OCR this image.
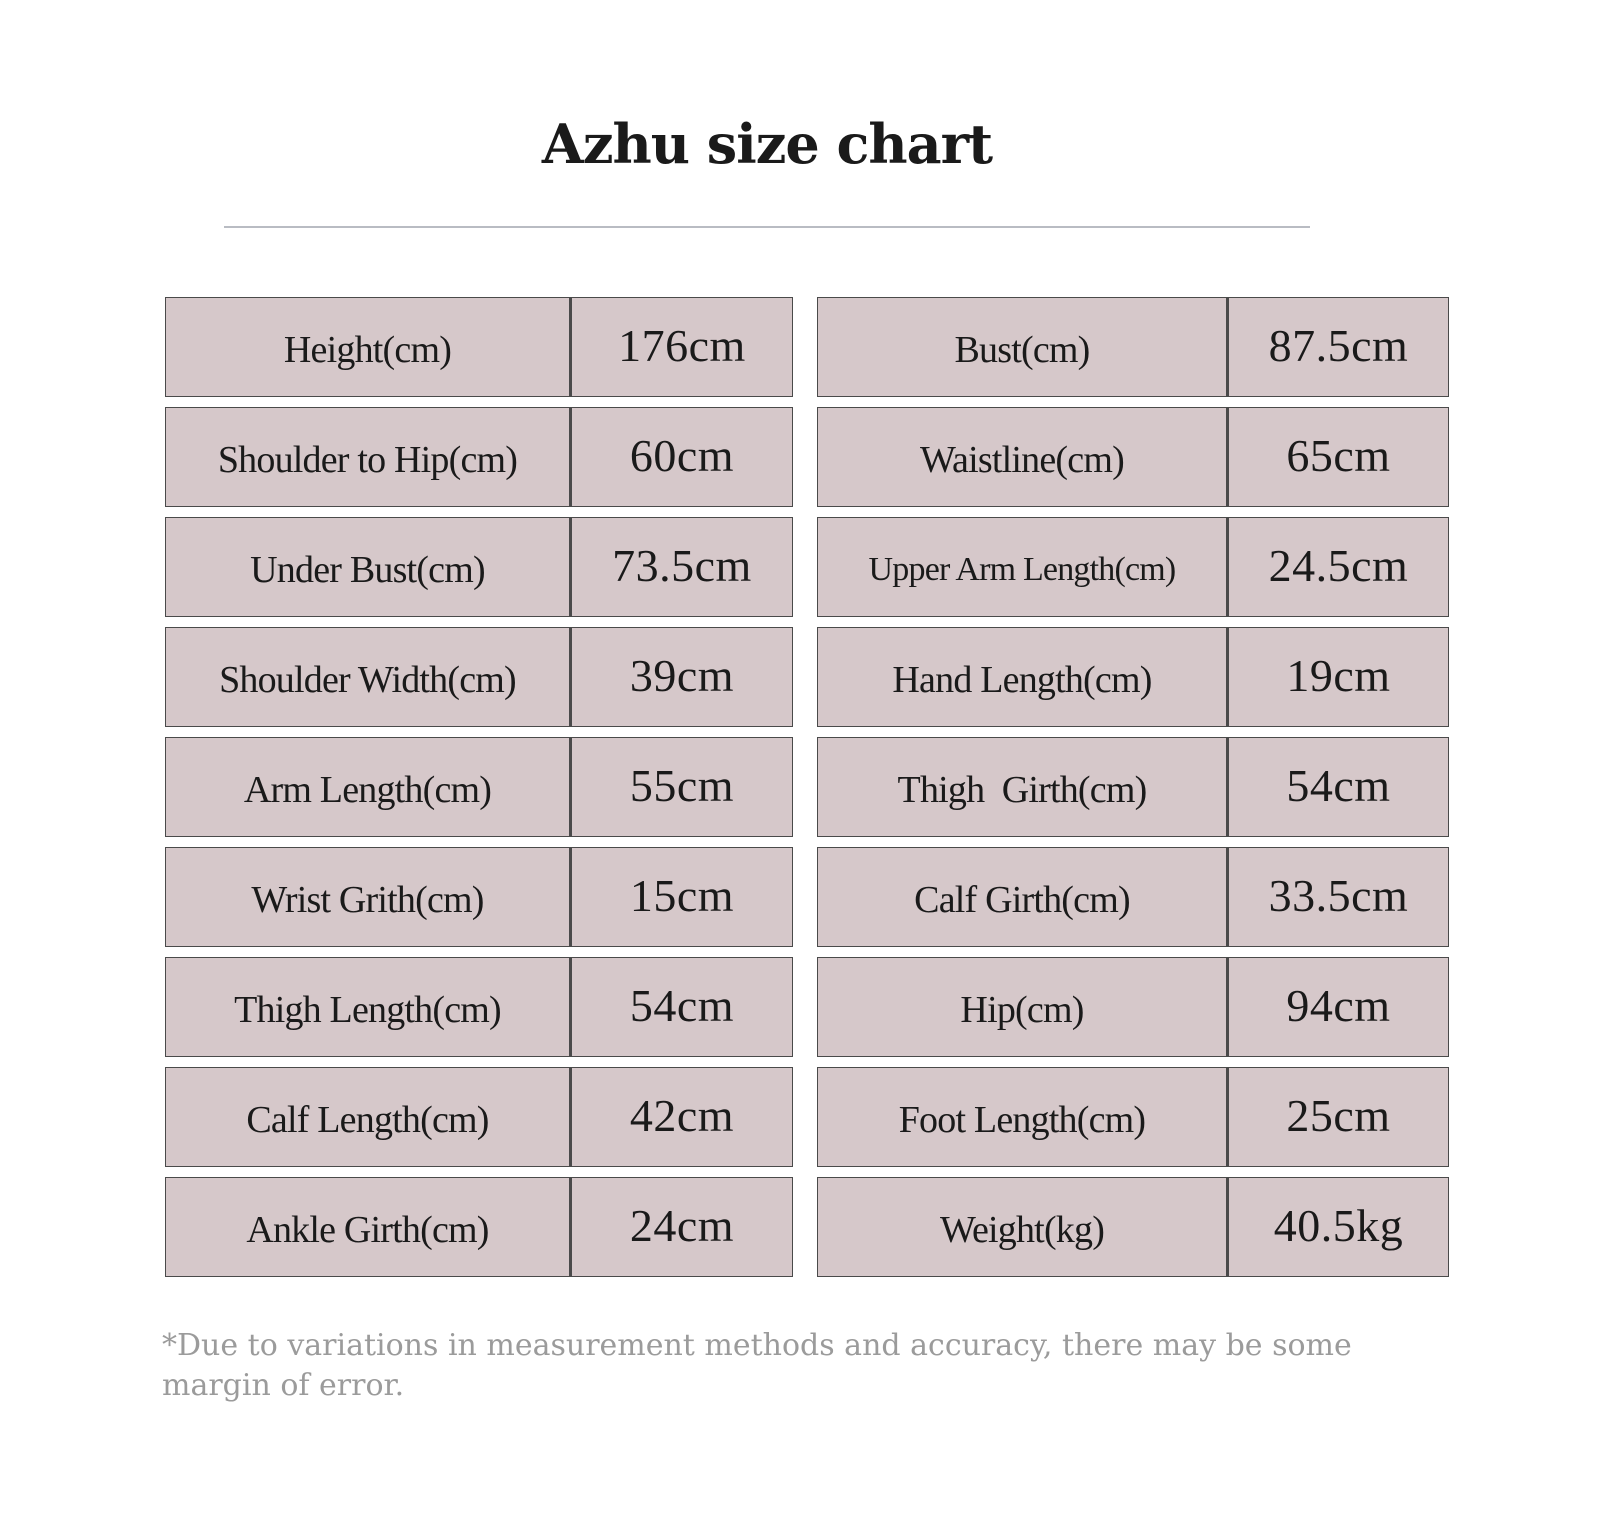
Azhu size chart
Height(cm)	176cm
Shoulder to Hip(cm)	60cm
Under Bust(cm)	73.5cm
Shoulder Width(cm)	39cm
Arm Length(cm)	55cm
Wrist Grith(cm)	15cm
Thigh Length(cm)	54cm
Calf Length(cm)	42cm
Ankle Girth(cm)	24cm
Bust(cm)	87.5cm
Waistline(cm)	65cm
Upper Arm Length(cm)	24.5cm
Hand Length(cm)	19cm
Thigh  Girth(cm)	54cm
Calf Girth(cm)	33.5cm
Hip(cm)	94cm
Foot Length(cm)	25cm
Weight(kg)	40.5kg

*Due to variations in measurement methods and accuracy, there may be some margin of error.
